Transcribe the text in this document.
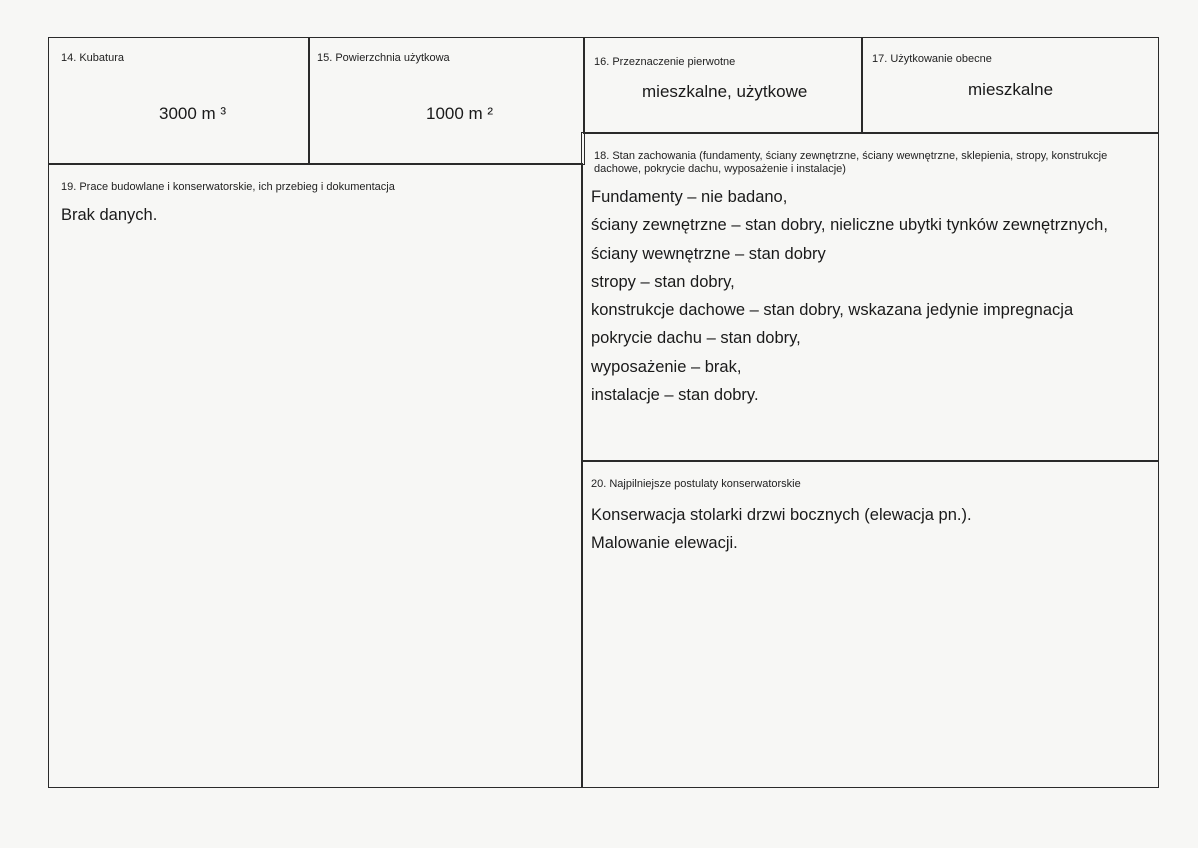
14. Kubatura
3000 m ³
15. Powierzchnia użytkowa
1000 m ²
16. Przeznaczenie pierwotne
mieszkalne, użytkowe
17. Użytkowanie obecne
mieszkalne
18. Stan zachowania (fundamenty, ściany zewnętrzne, ściany wewnętrzne, sklepienia, stropy, konstrukcje dachowe, pokrycie dachu, wyposażenie i instalacje)
Fundamenty – nie badano,
ściany zewnętrzne – stan dobry, nieliczne ubytki tynków zewnętrznych,
ściany wewnętrzne – stan dobry
stropy – stan dobry,
konstrukcje dachowe – stan dobry, wskazana jedynie impregnacja
pokrycie dachu – stan dobry,
wyposażenie – brak,
instalacje – stan dobry.
19. Prace budowlane i konserwatorskie, ich przebieg i dokumentacja
Brak danych.
20. Najpilniejsze postulaty konserwatorskie
Konserwacja stolarki drzwi bocznych (elewacja pn.).
Malowanie elewacji.
